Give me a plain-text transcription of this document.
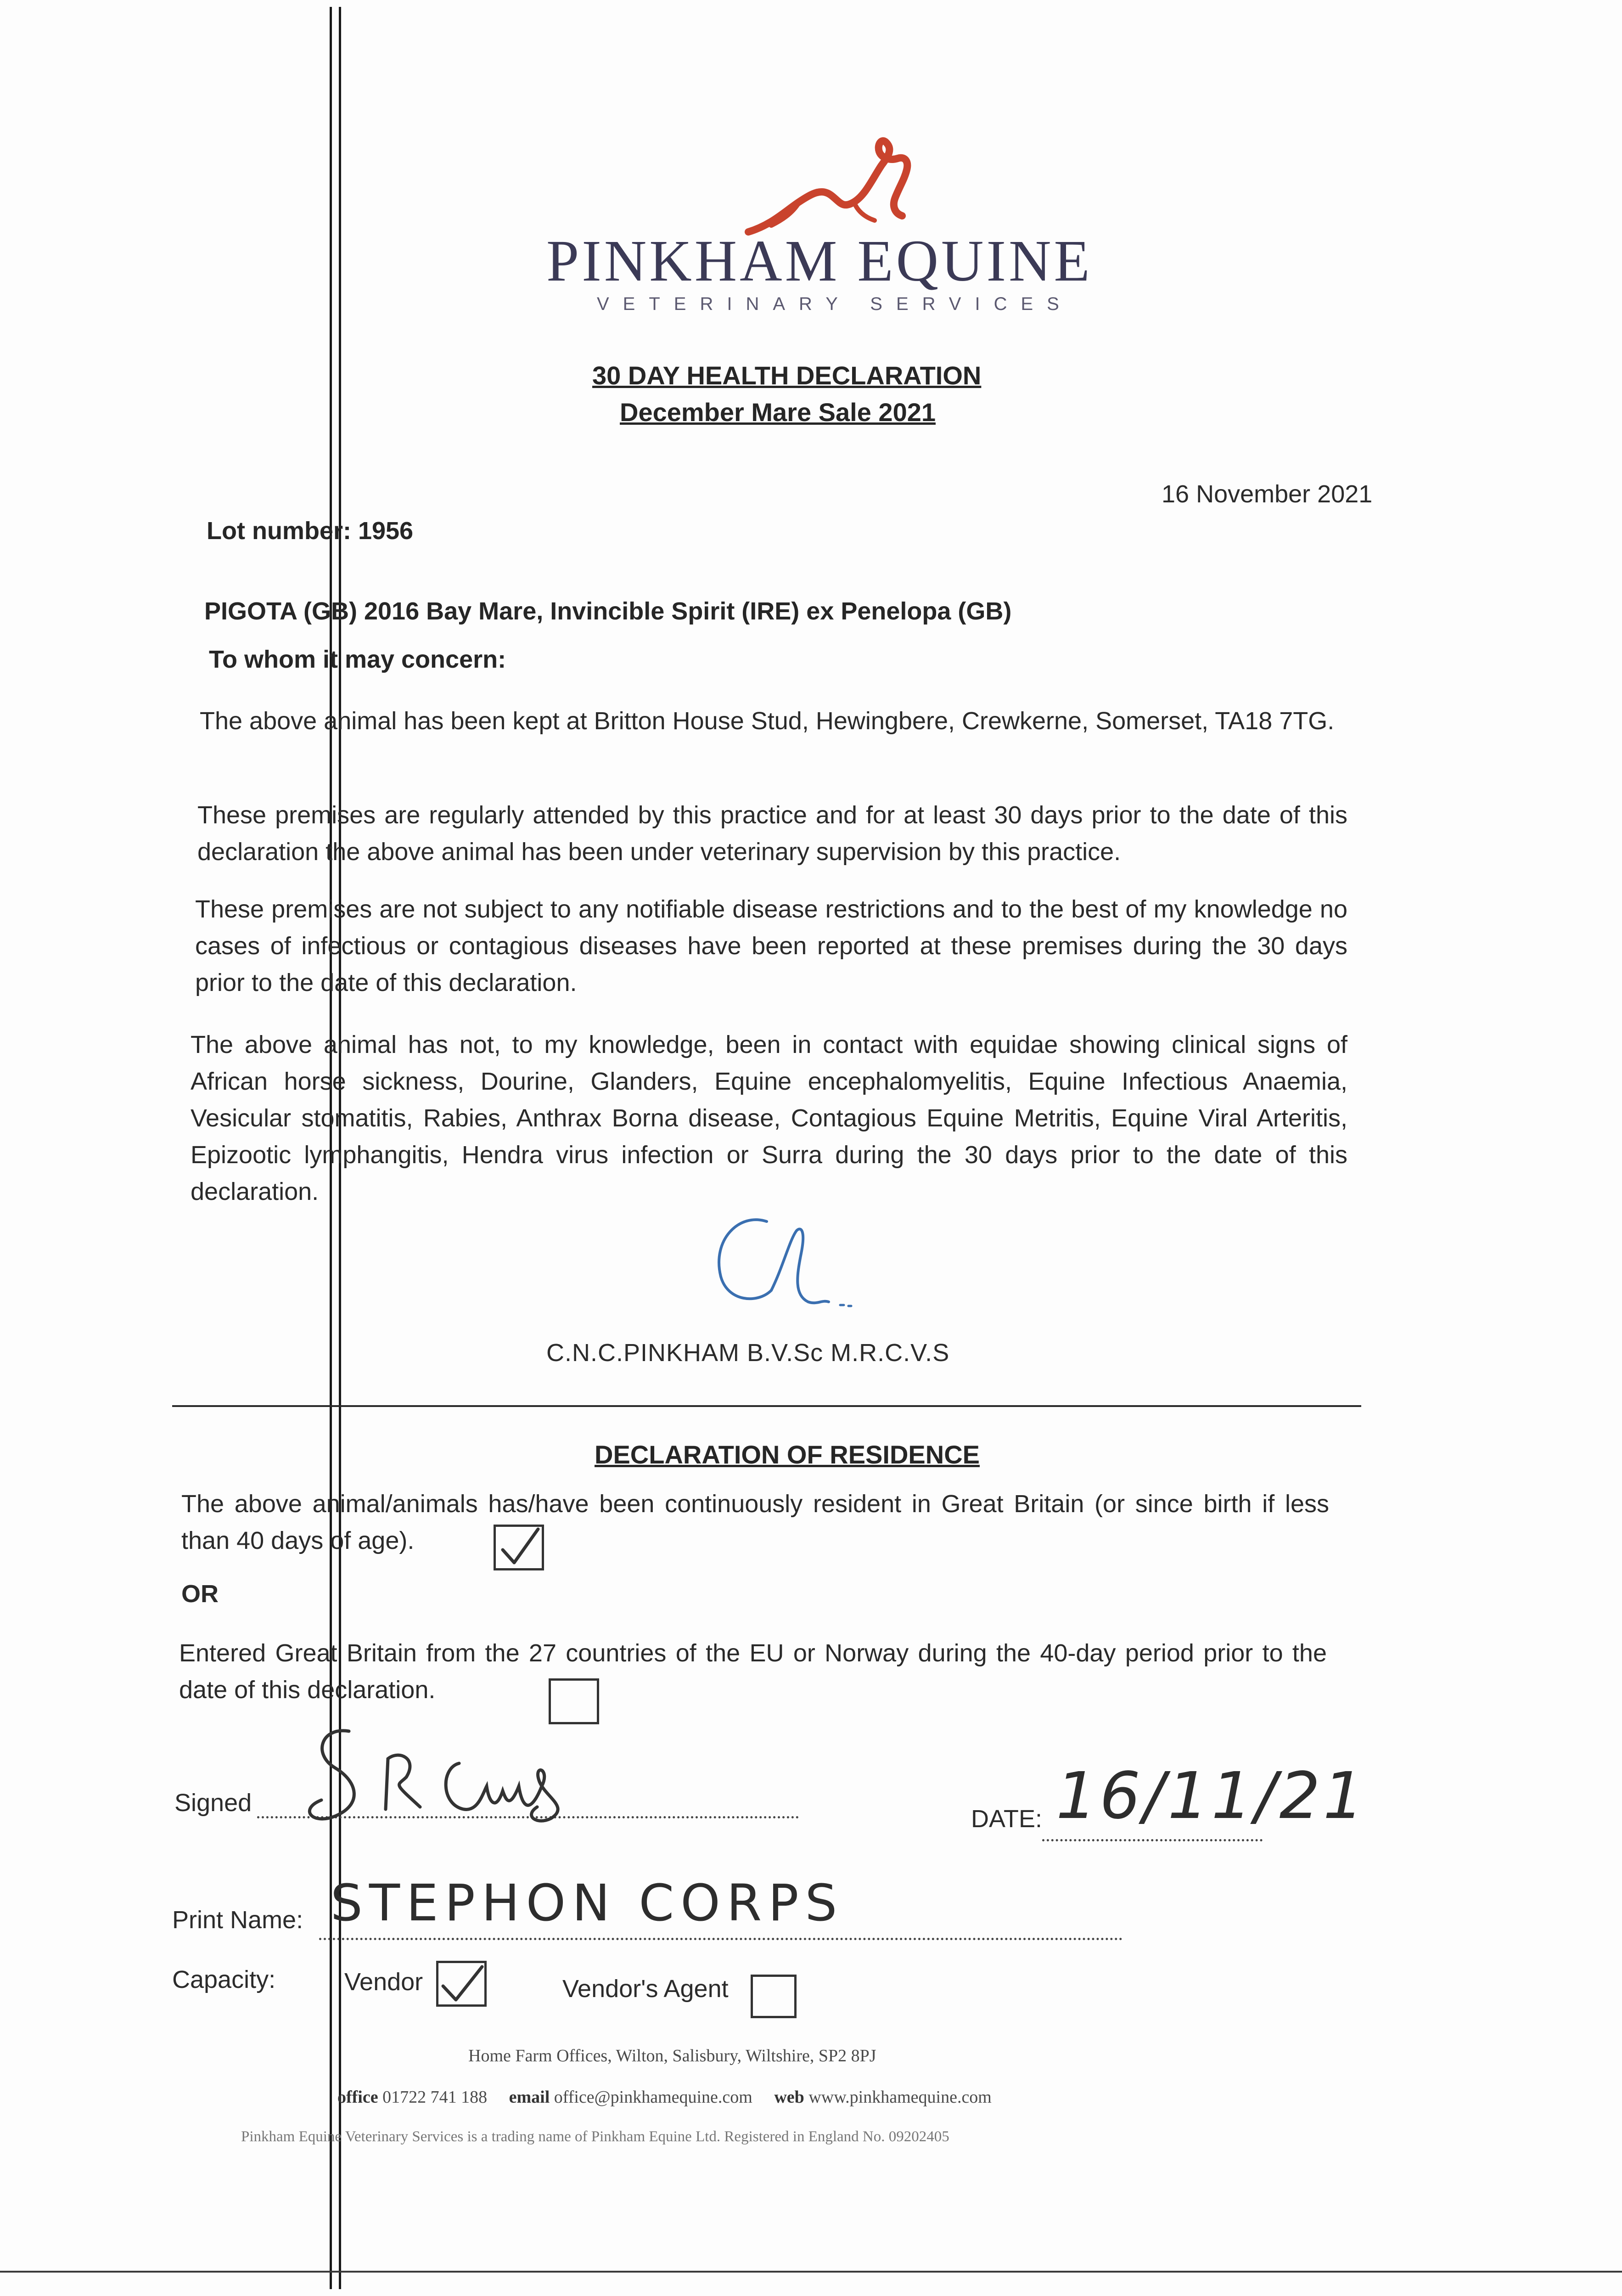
PINKHAM EQUINE
VETERINARY SERVICES
30 DAY HEALTH DECLARATION
December Mare Sale 2021
16 November 2021
Lot number: 1956
PIGOTA (GB) 2016 Bay Mare, Invincible Spirit (IRE) ex Penelopa (GB)
To whom it may concern:
The above animal has been kept at Britton House Stud, Hewingbere, Crewkerne, Somerset, TA18 7TG.
These premises are regularly attended by this practice and for at least 30 days prior to the date of this declaration the above animal has been under veterinary supervision by this practice.
These premises are not subject to any notifiable disease restrictions and to the best of my knowledge no cases of infectious or contagious diseases have been reported at these premises during the 30 days prior to the date of this declaration.
The above animal has not, to my knowledge, been in contact with equidae showing clinical signs of African horse sickness, Dourine, Glanders, Equine encephalomyelitis, Equine Infectious Anaemia, Vesicular stomatitis, Rabies, Anthrax Borna disease, Contagious Equine Metritis, Equine Viral Arteritis, Epizootic lymphangitis, Hendra virus infection or Surra during the 30 days prior to the date of this declaration.
C.N.C.PINKHAM B.V.Sc M.R.C.V.S
DECLARATION OF RESIDENCE
The above animal/animals has/have been continuously resident in Great Britain (or since birth if less than 40 days of age).
OR
Entered Great Britain from the 27 countries of the EU or Norway during the 40-day period prior to the date of this declaration.
Signed
DATE: 16/11/21
Print Name: STEPHON CORPS
Capacity:	Vendor	Vendor's Agent
Home Farm Offices, Wilton, Salisbury, Wiltshire, SP2 8PJ
office 01722 741 188 email office@pinkhamequine.com web www.pinkhamequine.com
Pinkham Equine Veterinary Services is a trading name of Pinkham Equine Ltd. Registered in England No. 09202405
